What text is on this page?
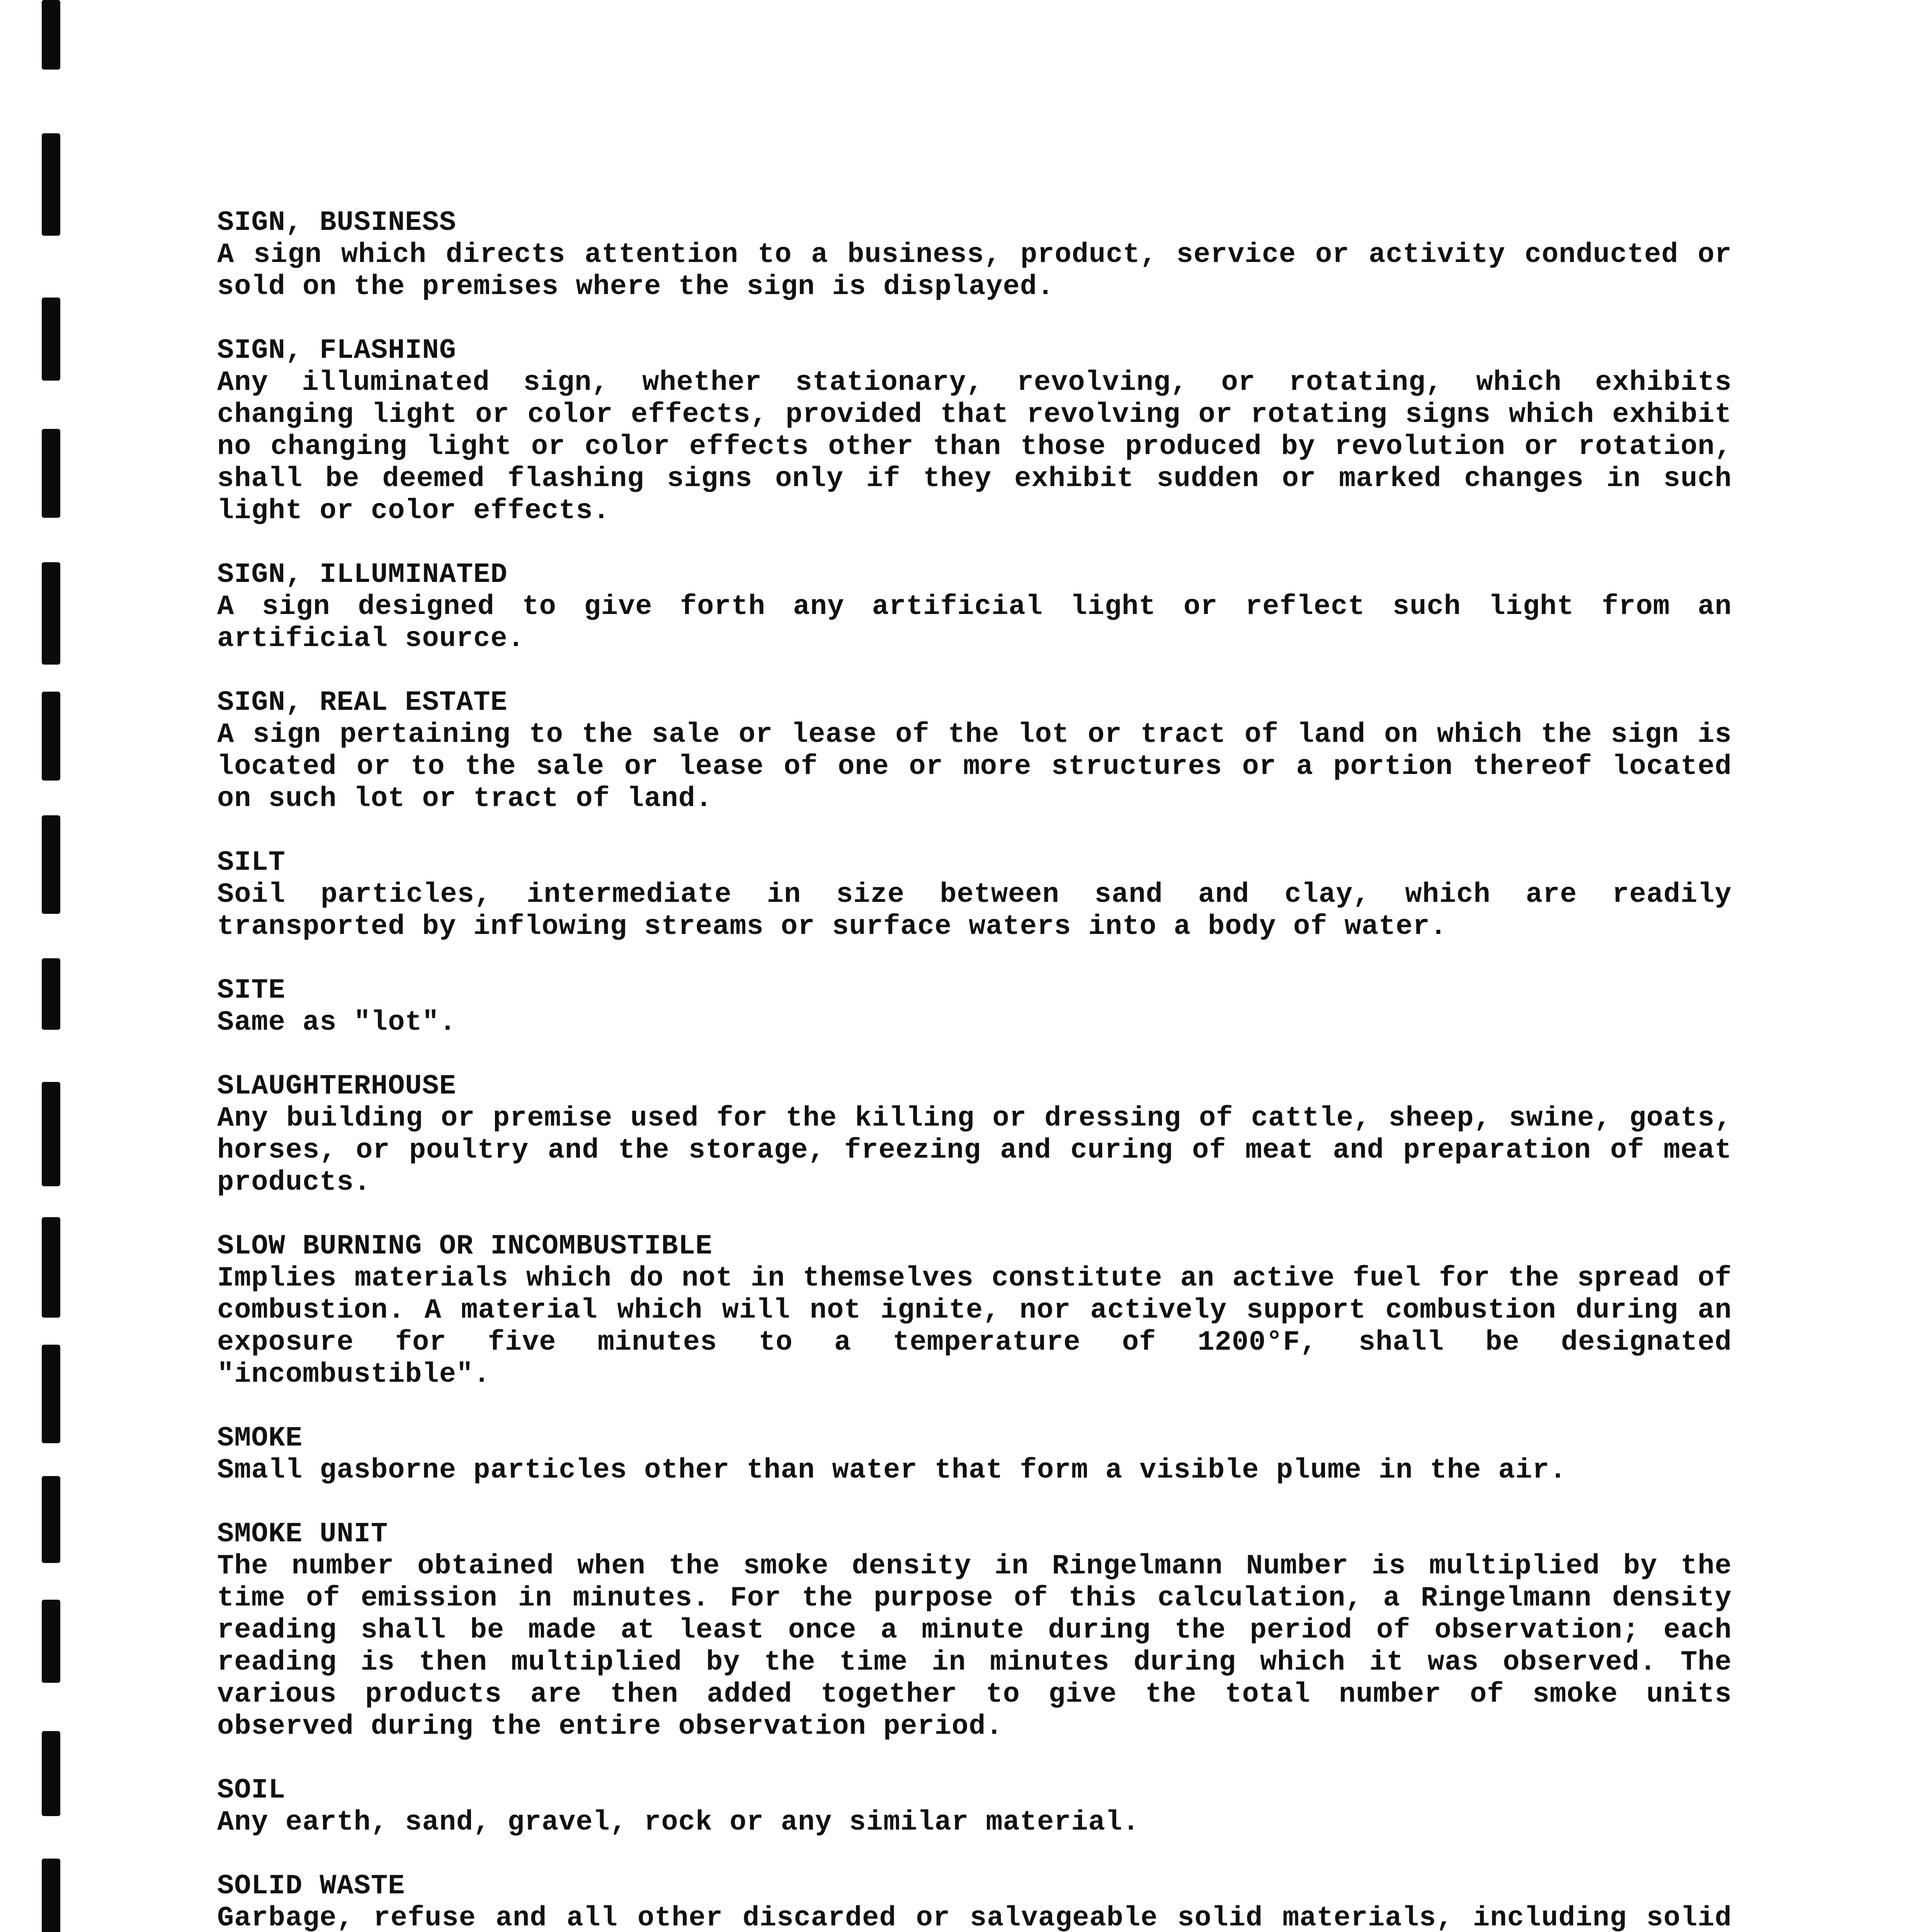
SIGN, BUSINESS
A sign which directs attention to a business, product, service or activity conducted or sold on the premises where the sign is displayed.
SIGN, FLASHING
Any illuminated sign, whether stationary, revolving, or rotating, which exhibits changing light or color effects, provided that revolving or rotating signs which exhibit no changing light or color effects other than those produced by revolution or rotation, shall be deemed flashing signs only if they exhibit sudden or marked changes in such light or color effects.
SIGN, ILLUMINATED
A sign designed to give forth any artificial light or reflect such light from an artificial source.
SIGN, REAL ESTATE
A sign pertaining to the sale or lease of the lot or tract of land on which the sign is located or to the sale or lease of one or more structures or a portion thereof located on such lot or tract of land.
SILT
Soil particles, intermediate in size between sand and clay, which are readily transported by inflowing streams or surface waters into a body of water.
SITE
Same as "lot".
SLAUGHTERHOUSE
Any building or premise used for the killing or dressing of cattle, sheep, swine, goats, horses, or poultry and the storage, freezing and curing of meat and preparation of meat products.
SLOW BURNING OR INCOMBUSTIBLE
Implies materials which do not in themselves constitute an active fuel for the spread of combustion. A material which will not ignite, nor actively support combustion during an exposure for five minutes to a temperature of 1200°F, shall be designated "incombustible".
SMOKE
Small gasborne particles other than water that form a visible plume in the air.
SMOKE UNIT
The number obtained when the smoke density in Ringelmann Number is multiplied by the time of emission in minutes. For the purpose of this calculation, a Ringelmann density reading shall be made at least once a minute during the period of observation; each reading is then multiplied by the time in minutes during which it was observed. The various products are then added together to give the total number of smoke units observed during the entire observation period.
SOIL
Any earth, sand, gravel, rock or any similar material.
SOLID WASTE
Garbage, refuse and all other discarded or salvageable solid materials, including solid
